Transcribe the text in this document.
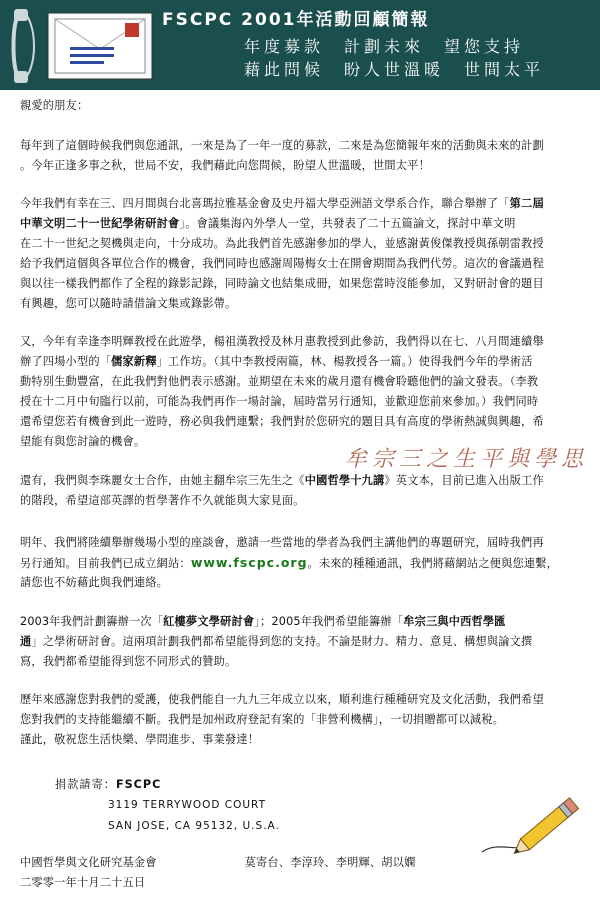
FSCPC 2001年活動回顧簡報
年度募款　計劃未來　望您支持
藉此問候　盼人世溫暖　世間太平
親愛的朋友：
每年到了這個時候我們與您通訊，一來是為了一年一度的募款，二來是為您簡報年來的活動與未來的計劃
。今年正逢多事之秋，世局不安，我們藉此向您問候，盼望人世溫暖，世間太平！
今年我們有幸在三、四月間與台北喜瑪拉雅基金會及史丹福大學亞洲語文學系合作，聯合舉辦了「第二屆
中華文明二十一世紀學術研討會」。會議集海內外學人一堂，共發表了二十五篇論文，探討中華文明
在二十一世紀之契機與走向，十分成功。為此我們首先感謝參加的學人，並感謝黃俊傑教授與孫朝雷教授
給予我們這個與各單位合作的機會，我們同時也感謝周陽梅女士在開會期間為我們代勞。這次的會議過程
與以往一樣我們都作了全程的錄影記錄，同時論文也結集成冊，如果您當時沒能參加，又對研討會的題目
有興趣，您可以隨時請借論文集或錄影帶。
又，今年有幸逢李明輝教授在此遊學，楊祖漢教授及林月惠教授到此參訪，我們得以在七、八月間連續舉
辦了四場小型的「儒家新釋」工作坊。（其中李教授兩篇，林、楊教授各一篇。）使得我們今年的學術活
動特別生動豐富，在此我們對他們表示感謝。並期望在未來的歲月還有機會聆聽他們的論文發表。（李教
授在十二月中旬臨行以前，可能為我們再作一場討論，屆時當另行通知，並歡迎您前來參加。）我們同時
還希望您若有機會到此一遊時，務必與我們連繫；我們對於您研究的題目具有高度的學術熱誠與興趣，希
望能有與您討論的機會。
牟宗三之生平與學思
還有，我們與李珠麗女士合作，由她主翻牟宗三先生之《中國哲學十九講》英文本，目前已進入出版工作
的階段，希望這部英譯的哲學著作不久就能與大家見面。
明年、我們將陸續舉辦幾場小型的座談會，邀請一些當地的學者為我們主講他們的專題研究，屆時我們再
另行通知。目前我們已成立網站：www.fscpc.org。未來的種種通訊，我們將藉網站之便與您連繫，
請您也不妨藉此與我們連絡。
2003年我們計劃籌辦一次「紅樓夢文學研討會」；2005年我們希望能籌辦「牟宗三與中西哲學匯
通」之學術研討會。這兩項計劃我們都希望能得到您的支持。不論是財力、精力、意見、構想與論文撰
寫，我們都希望能得到您不同形式的贊助。
歷年來感謝您對我們的愛護，使我們能自一九九三年成立以來，順利進行種種研究及文化活動，我們希望
您對我們的支持能繼續不斷。我們是加州政府登記有案的「非營利機構」，一切捐贈都可以減稅。
謹此，敬祝您生活快樂、學問進步、事業發達！
捐款請寄：FSCPC
3119 TERRYWOOD COURT
SAN JOSE, CA 95132, U.S.A.
中國哲學與文化研究基金會	莫寄台、李淳玲、李明輝、胡以嫻
二零零一年十月二十五日
